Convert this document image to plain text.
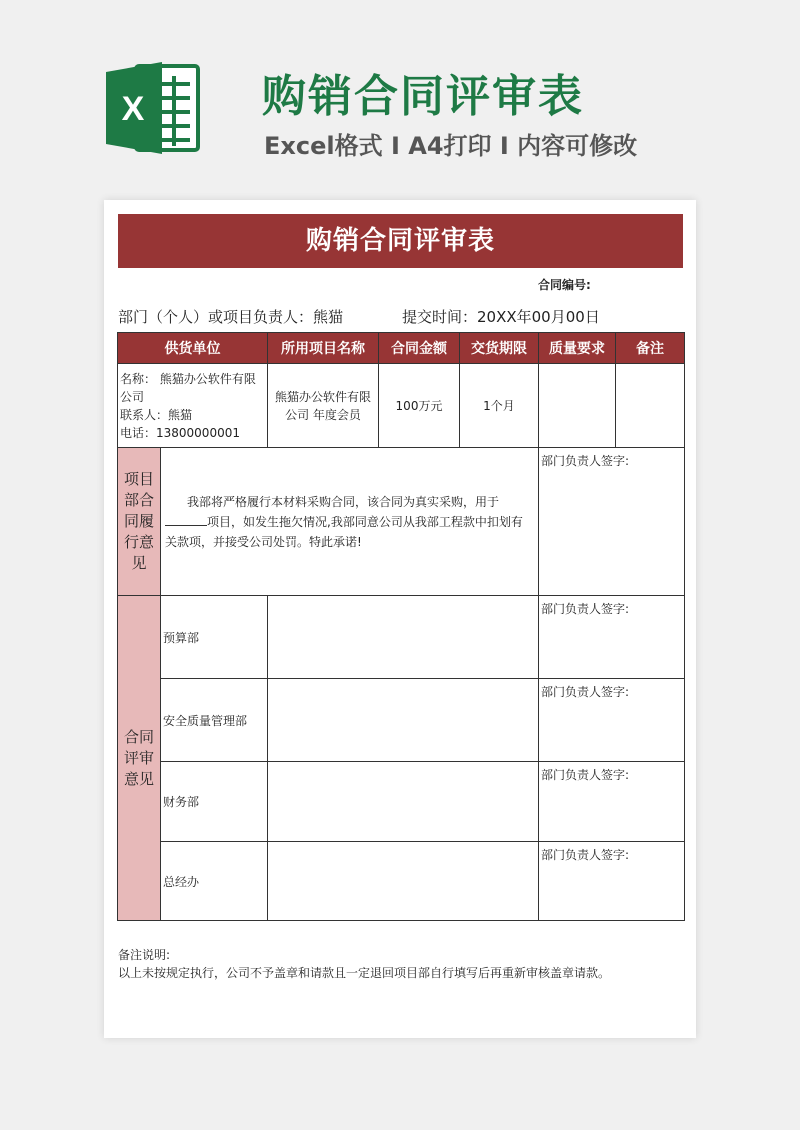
X	购销合同评审表
Excel格式 I A4打印 I 内容可修改
购销合同评审表
合同编号:
部门（个人）或项目负责人：熊猫	提交时间：20XX年00月00日
供货单位		所用项目名称	合同金额	交货期限	质量要求	备注

名称： 熊猫办公软件有限公司
联系人：熊猫
电话：13800000001		熊猫办公软件有限公司 年度会员	100万元	1个月		
项目部合同履行意见	我部将严格履行本材料采购合同，该合同为真实采购，用于项目，如发生拖欠情况,我部同意公司从我部工程款中扣划有关款项，并接受公司处罚。特此承诺!				部门负责人签字:	
合同评审意见	预算部				部门负责人签字:	
	安全质量管理部				部门负责人签字:	
	财务部				部门负责人签字:	
	总经办				部门负责人签字:	
备注说明:
以上未按规定执行，公司不予盖章和请款且一定退回项目部自行填写后再重新审核盖章请款。
